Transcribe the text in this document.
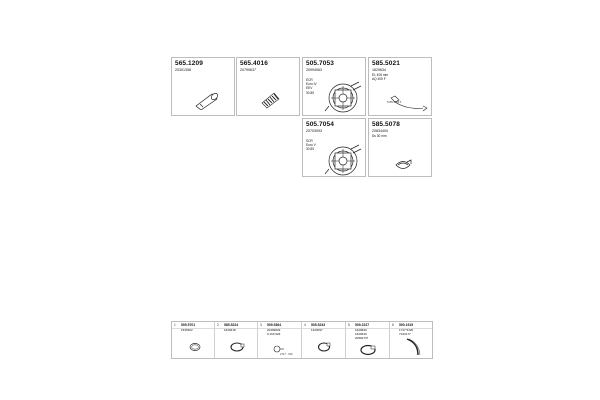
565.1209
20301358
565.4016
20799637
505.7053
20994063
ECR
Euro IV
EEV
30 85
585.5021
1629634
EL 405 mm
AQ 405 F
5.85 0M1T
505.7054
20703093
SCR
Euro V
30 85
585.5078
20834400
Ds 30 mm
1 505.5701
1535302
2 585.5224
1629418
3 509.5364
20499629
9 160 626
2717 - 316
4 505.5243
1320097
5 509.2227
1629840
1629640
20592737
6 590.1915
1747 5420
7193177
